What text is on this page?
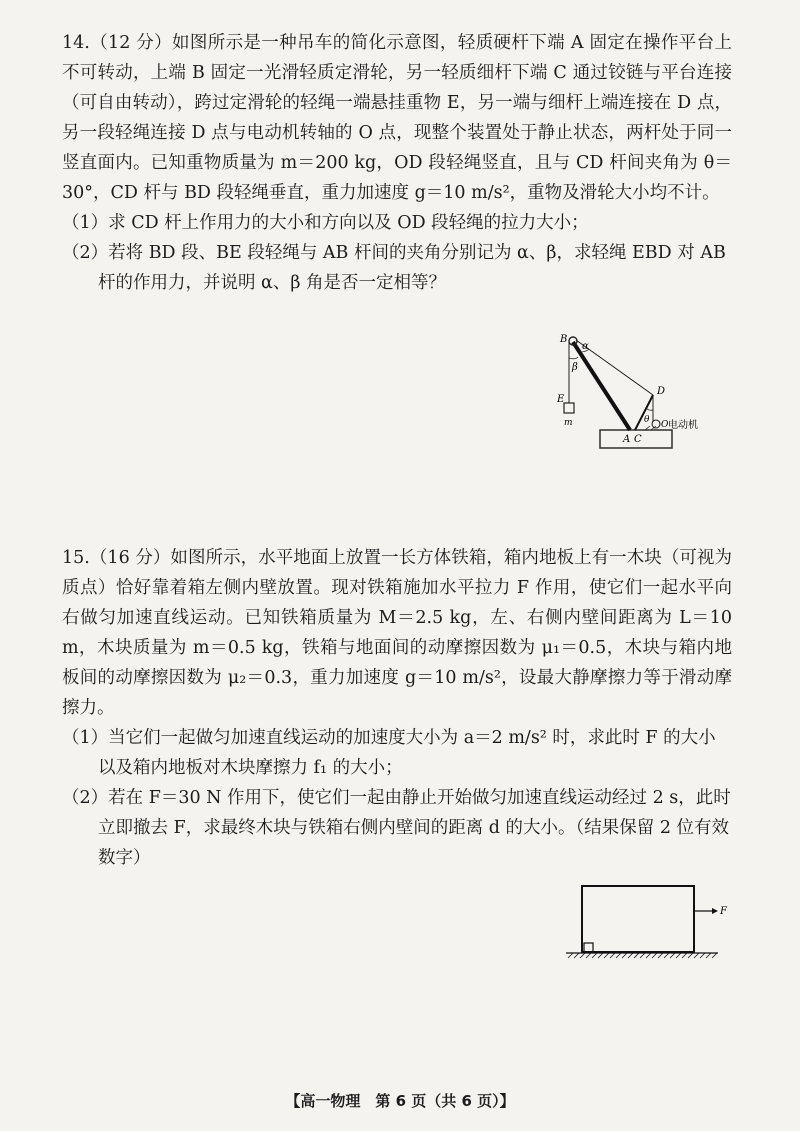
14.（12 分）如图所示是一种吊车的简化示意图，轻质硬杆下端 A 固定在操作平台上不可转动，上端 B 固定一光滑轻质定滑轮，另一轻质细杆下端 C 通过铰链与平台连接（可自由转动），跨过定滑轮的轻绳一端悬挂重物 E，另一端与细杆上端连接在 D 点，另一段轻绳连接 D 点与电动机转轴的 O 点，现整个装置处于静止状态，两杆处于同一竖直面内。已知重物质量为 m＝200 kg，OD 段轻绳竖直，且与 CD 杆间夹角为 θ＝30°，CD 杆与 BD 段轻绳垂直，重力加速度 g＝10 m/s²，重物及滑轮大小均不计。

（1）求 CD 杆上作用力的大小和方向以及 OD 段轻绳的拉力大小；

（2）若将 BD 段、BE 段轻绳与 AB 杆间的夹角分别记为 α、β，求轻绳 EBD 对 AB 杆的作用力，并说明 α、β 角是否一定相等？

B
α
β
D
E
m	θ O 电动机
A C

15.（16 分）如图所示，水平地面上放置一长方体铁箱，箱内地板上有一木块（可视为质点）恰好靠着箱左侧内壁放置。现对铁箱施加水平拉力 F 作用，使它们一起水平向右做匀加速直线运动。已知铁箱质量为 M＝2.5 kg，左、右侧内壁间距离为 L＝10 m，木块质量为 m＝0.5 kg，铁箱与地面间的动摩擦因数为 μ₁＝0.5，木块与箱内地板间的动摩擦因数为 μ₂＝0.3，重力加速度 g＝10 m/s²，设最大静摩擦力等于滑动摩擦力。

（1）当它们一起做匀加速直线运动的加速度大小为 a＝2 m/s² 时，求此时 F 的大小以及箱内地板对木块摩擦力 f₁ 的大小；

（2）若在 F＝30 N 作用下，使它们一起由静止开始做匀加速直线运动经过 2 s，此时立即撤去 F，求最终木块与铁箱右侧内壁间的距离 d 的大小。（结果保留 2 位有效数字）

F
【高一物理　第 6 页（共 6 页）】
